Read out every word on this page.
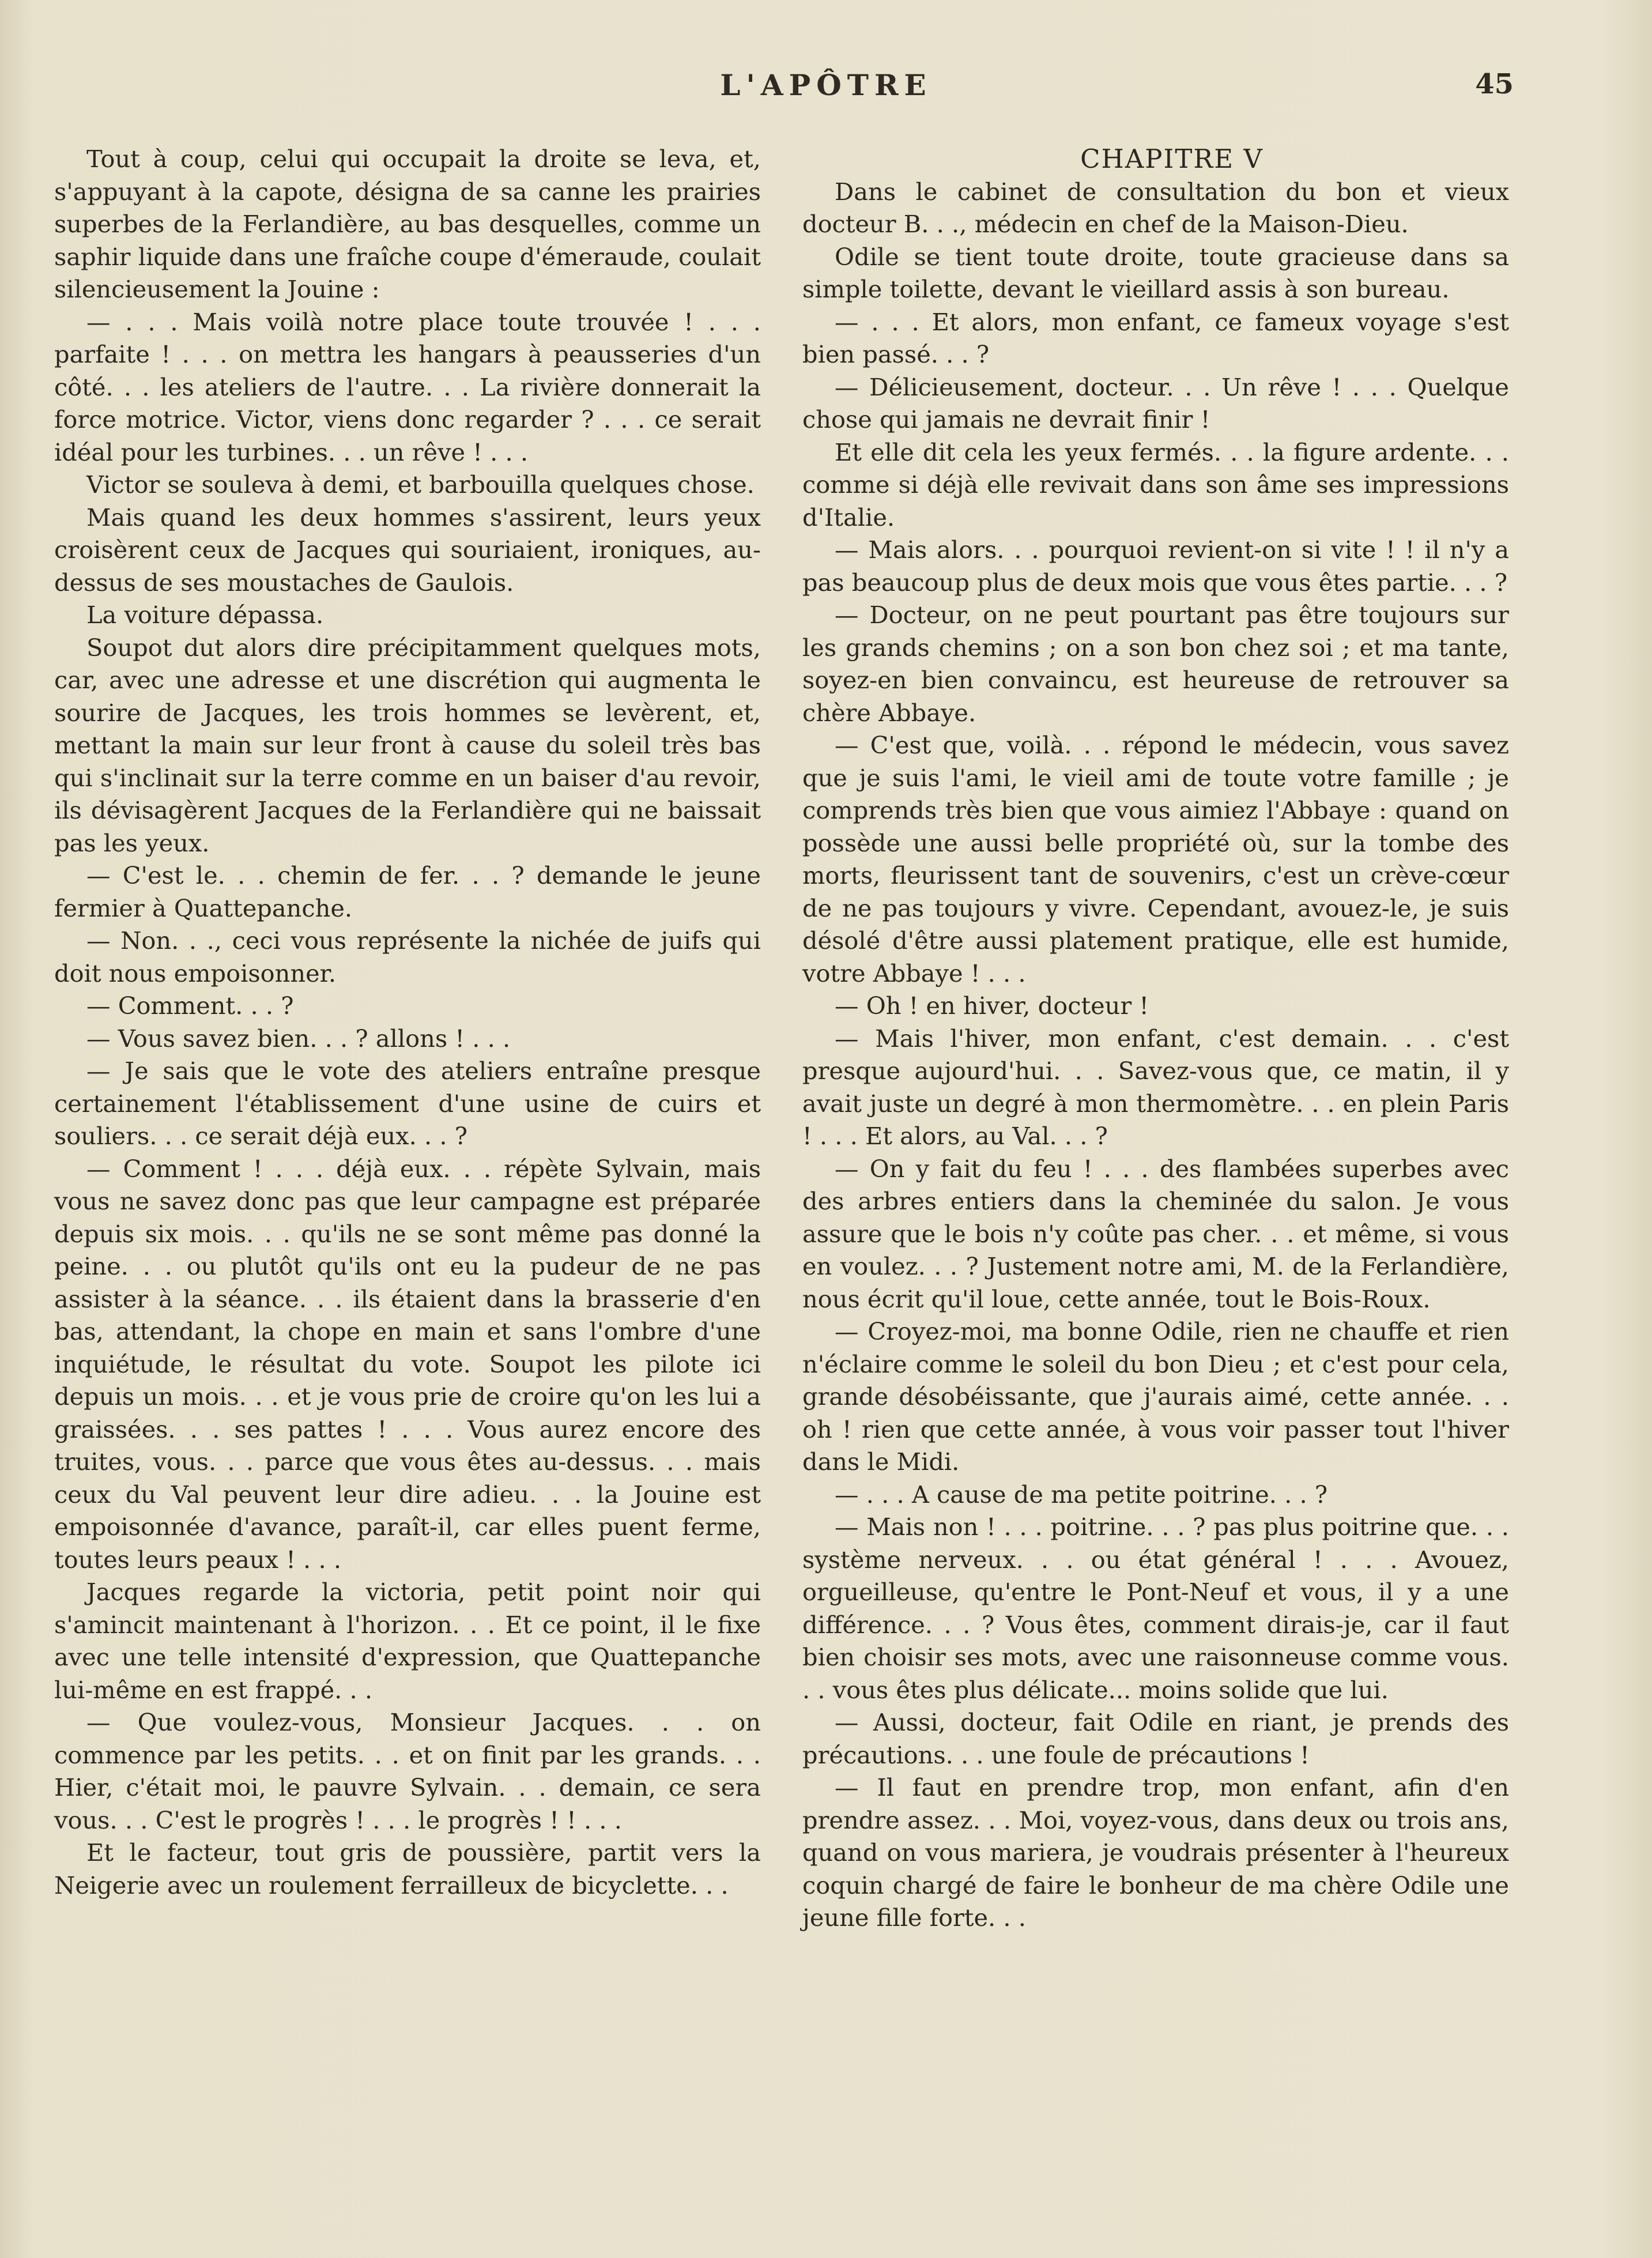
L'APÔTRE	45

Tout à coup, celui qui occupait la droite se leva, et, s'appuyant à la capote, désigna de sa canne les prairies superbes de la Ferlandière, au bas desquelles, comme un saphir liquide dans une fraîche coupe d'émeraude, coulait silencieusement la Jouine :

— . . . Mais voilà notre place toute trouvée ! . . . parfaite ! . . . on mettra les hangars à peausseries d'un côté. . . les ateliers de l'autre. . . La rivière donnerait la force motrice. Victor, viens donc regarder ? . . . ce serait idéal pour les turbines. . . un rêve ! . . .

Victor se souleva à demi, et barbouilla quelques chose.

Mais quand les deux hommes s'assirent, leurs yeux croisèrent ceux de Jacques qui souriaient, ironiques, au-dessus de ses moustaches de Gaulois.

La voiture dépassa.

Soupot dut alors dire précipitamment quelques mots, car, avec une adresse et une discrétion qui augmenta le sourire de Jacques, les trois hommes se levèrent, et, mettant la main sur leur front à cause du soleil très bas qui s'inclinait sur la terre comme en un baiser d'au revoir, ils dévisagèrent Jacques de la Ferlandière qui ne baissait pas les yeux.

— C'est le. . . chemin de fer. . . ? demande le jeune fermier à Quattepanche.

— Non. . ., ceci vous représente la nichée de juifs qui doit nous empoisonner.

— Comment. . . ?

— Vous savez bien. . . ? allons ! . . .

— Je sais que le vote des ateliers entraîne presque certainement l'établissement d'une usine de cuirs et souliers. . . ce serait déjà eux. . . ?

— Comment ! . . . déjà eux. . . répète Sylvain, mais vous ne savez donc pas que leur campagne est préparée depuis six mois. . . qu'ils ne se sont même pas donné la peine. . . ou plutôt qu'ils ont eu la pudeur de ne pas assister à la séance. . . ils étaient dans la brasserie d'en bas, attendant, la chope en main et sans l'ombre d'une inquiétude, le résultat du vote. Soupot les pilote ici depuis un mois. . . et je vous prie de croire qu'on les lui a graissées. . . ses pattes ! . . . Vous aurez encore des truites, vous. . . parce que vous êtes au-dessus. . . mais ceux du Val peuvent leur dire adieu. . . la Jouine est empoisonnée d'avance, paraît-il, car elles puent ferme, toutes leurs peaux ! . . .

Jacques regarde la victoria, petit point noir qui s'amincit maintenant à l'horizon. . . Et ce point, il le fixe avec une telle intensité d'expression, que Quattepanche lui-même en est frappé. . .

— Que voulez-vous, Monsieur Jacques. . . on commence par les petits. . . et on finit par les grands. . . Hier, c'était moi, le pauvre Sylvain. . . demain, ce sera vous. . . C'est le progrès ! . . . le progrès ! ! . . .

Et le facteur, tout gris de poussière, partit vers la Neigerie avec un roulement ferrailleux de bicyclette. . .

CHAPITRE V

Dans le cabinet de consultation du bon et vieux docteur B. . ., médecin en chef de la Maison-Dieu.

Odile se tient toute droite, toute gracieuse dans sa simple toilette, devant le vieillard assis à son bureau.

— . . . Et alors, mon enfant, ce fameux voyage s'est bien passé. . . ?

— Délicieusement, docteur. . . Un rêve ! . . . Quelque chose qui jamais ne devrait finir !

Et elle dit cela les yeux fermés. . . la figure ardente. . . comme si déjà elle revivait dans son âme ses impressions d'Italie.

— Mais alors. . . pourquoi revient-on si vite ! ! il n'y a pas beaucoup plus de deux mois que vous êtes partie. . . ?

— Docteur, on ne peut pourtant pas être toujours sur les grands chemins ; on a son bon chez soi ; et ma tante, soyez-en bien convaincu, est heureuse de retrouver sa chère Abbaye.

— C'est que, voilà. . . répond le médecin, vous savez que je suis l'ami, le vieil ami de toute votre famille ; je comprends très bien que vous aimiez l'Abbaye : quand on possède une aussi belle propriété où, sur la tombe des morts, fleurissent tant de souvenirs, c'est un crève-cœur de ne pas toujours y vivre. Cependant, avouez-le, je suis désolé d'être aussi platement pratique, elle est humide, votre Abbaye ! . . .

— Oh ! en hiver, docteur !

— Mais l'hiver, mon enfant, c'est demain. . . c'est presque aujourd'hui. . . Savez-vous que, ce matin, il y avait juste un degré à mon thermomètre. . . en plein Paris ! . . . Et alors, au Val. . . ?

— On y fait du feu ! . . . des flambées superbes avec des arbres entiers dans la cheminée du salon. Je vous assure que le bois n'y coûte pas cher. . . et même, si vous en voulez. . . ? Justement notre ami, M. de la Ferlandière, nous écrit qu'il loue, cette année, tout le Bois-Roux.

— Croyez-moi, ma bonne Odile, rien ne chauffe et rien n'éclaire comme le soleil du bon Dieu ; et c'est pour cela, grande désobéissante, que j'aurais aimé, cette année. . . oh ! rien que cette année, à vous voir passer tout l'hiver dans le Midi.

— . . . A cause de ma petite poitrine. . . ?

— Mais non ! . . . poitrine. . . ? pas plus poitrine que. . . système nerveux. . . ou état général ! . . . Avouez, orgueilleuse, qu'entre le Pont-Neuf et vous, il y a une différence. . . ? Vous êtes, comment dirais-je, car il faut bien choisir ses mots, avec une raisonneuse comme vous. . . vous êtes plus délicate... moins solide que lui.

— Aussi, docteur, fait Odile en riant, je prends des précautions. . . une foule de précautions !

— Il faut en prendre trop, mon enfant, afin d'en prendre assez. . . Moi, voyez-vous, dans deux ou trois ans, quand on vous mariera, je voudrais présenter à l'heureux coquin chargé de faire le bonheur de ma chère Odile une jeune fille forte. . .
